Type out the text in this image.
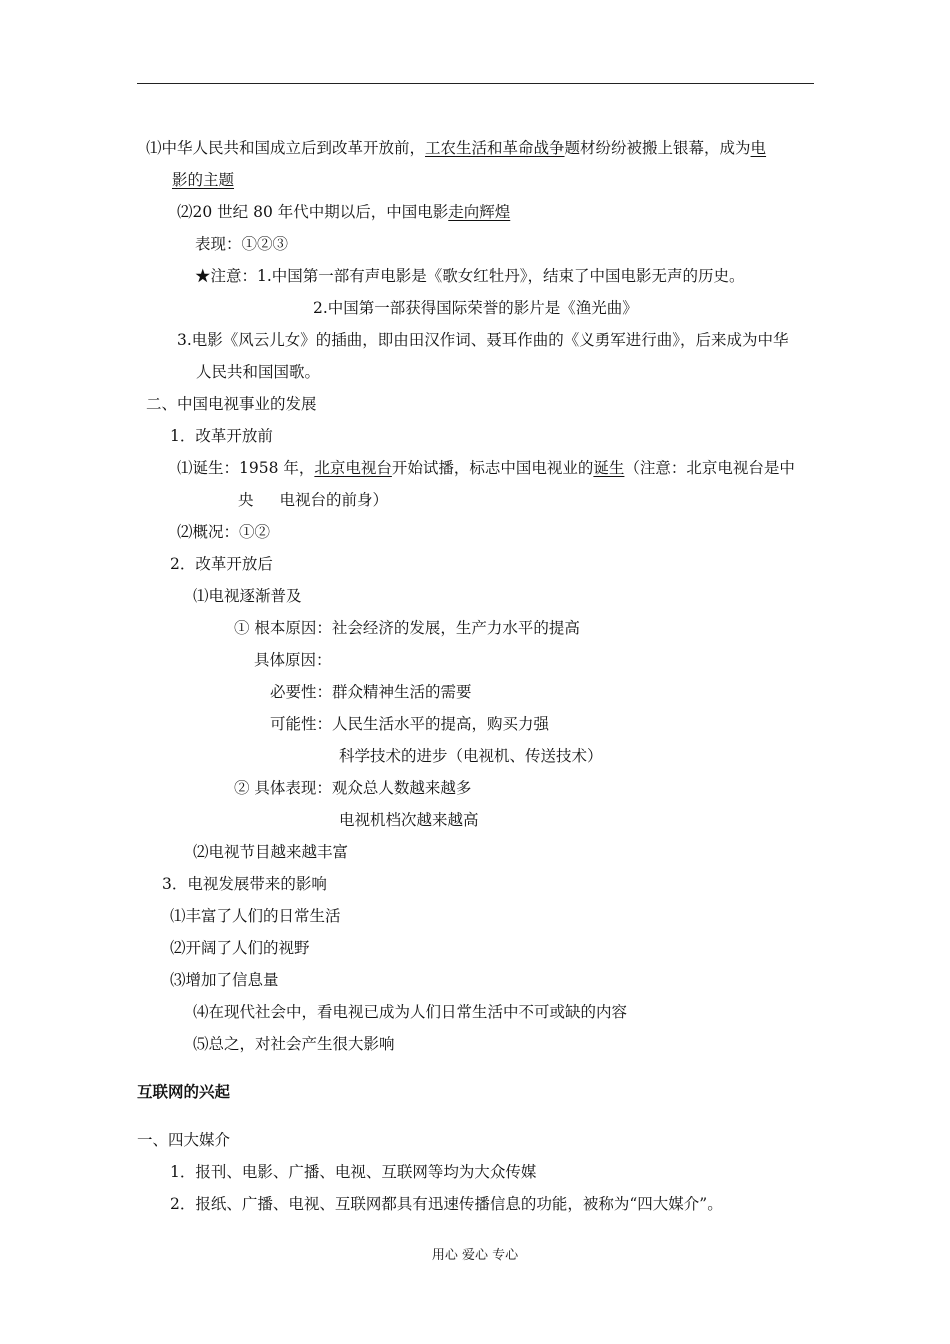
⑴中华人民共和国成立后到改革开放前，工农生活和革命战争题材纷纷被搬上银幕，成为电
影的主题
⑵20 世纪 80 年代中期以后，中国电影走向辉煌
表现：①②③
★注意：1.中国第一部有声电影是《歌女红牡丹》，结束了中国电影无声的历史。
2.中国第一部获得国际荣誉的影片是《渔光曲》
3.电影《风云儿女》的插曲，即由田汉作词、聂耳作曲的《义勇军进行曲》，后来成为中华
人民共和国国歌。
二、中国电视事业的发展
1．改革开放前
⑴诞生：1958 年，北京电视台开始试播，标志中国电视业的诞生（注意：北京电视台是中
央 电视台的前身）
⑵概况：①②
2．改革开放后
⑴电视逐渐普及
① 根本原因：社会经济的发展，生产力水平的提高
具体原因：
必要性：群众精神生活的需要
可能性：人民生活水平的提高，购买力强
科学技术的进步（电视机、传送技术）
② 具体表现：观众总人数越来越多
电视机档次越来越高
⑵电视节目越来越丰富
3．电视发展带来的影响
⑴丰富了人们的日常生活
⑵开阔了人们的视野
⑶增加了信息量
⑷在现代社会中，看电视已成为人们日常生活中不可或缺的内容
⑸总之，对社会产生很大影响
互联网的兴起
一、四大媒介
1．报刊、电影、广播、电视、互联网等均为大众传媒
2．报纸、广播、电视、互联网都具有迅速传播信息的功能，被称为“四大媒介”。
用心 爱心 专心
